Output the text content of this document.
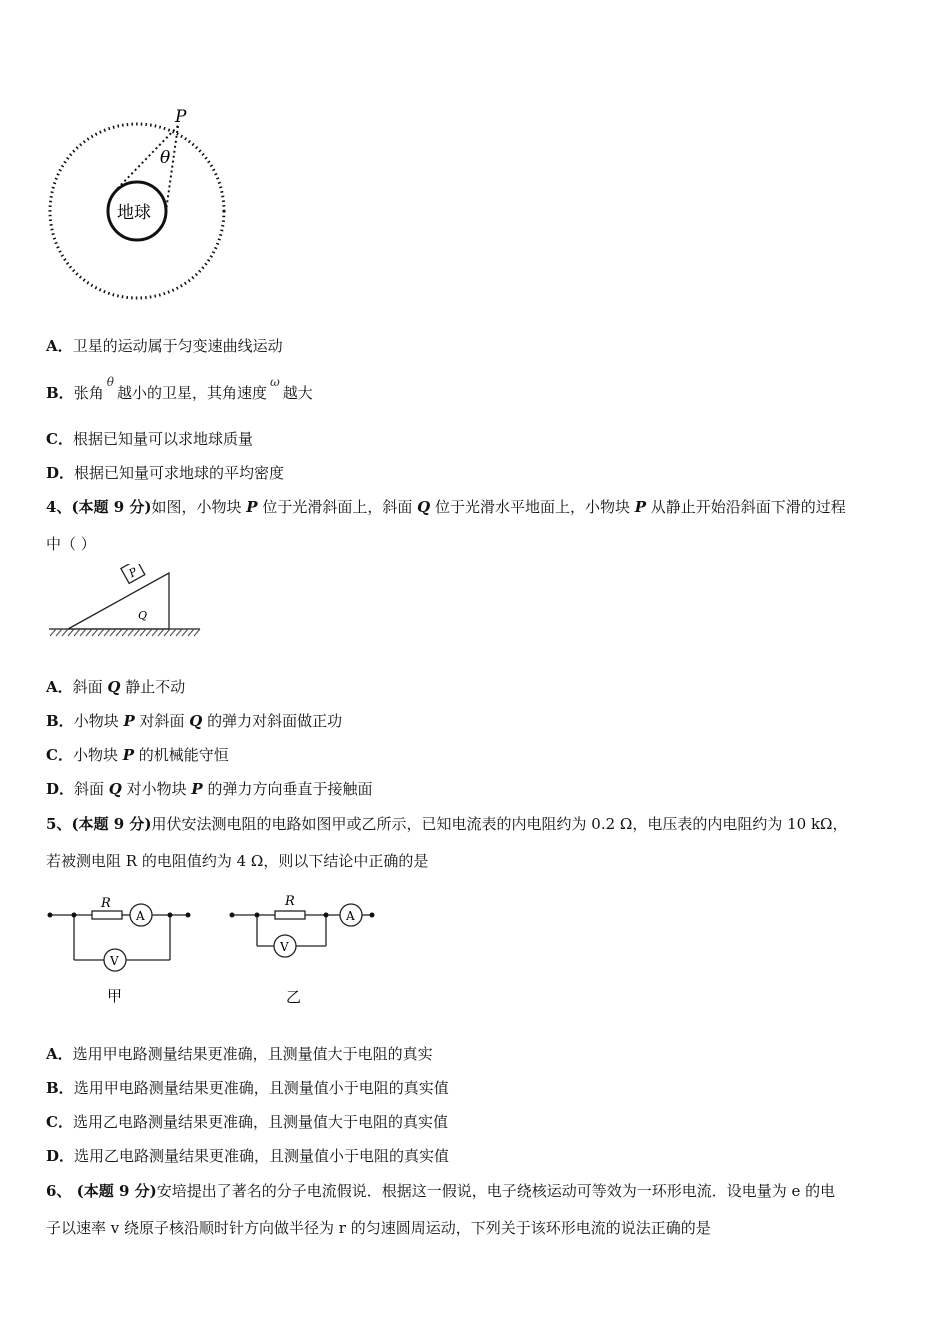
P
θ
地球
A．卫星的运动属于匀变速曲线运动
B．张角$^\theta$越小的卫星，其角速度$^\omega$越大
C．根据已知量可以求地球质量
D．根据已知量可求地球的平均密度
4、(本题 9 分)如图，小物块 P 位于光滑斜面上，斜面 Q 位于光滑水平地面上，小物块 P 从静止开始沿斜面下滑的过程
中（ ）
P
Q
A．斜面 Q 静止不动
B．小物块 P 对斜面 Q 的弹力对斜面做正功
C．小物块 P 的机械能守恒
D．斜面 Q 对小物块 P 的弹力方向垂直于接触面
5、(本题 9 分)用伏安法测电阻的电路如图甲或乙所示，已知电流表的内电阻约为 0.2 Ω，电压表的内电阻约为 10 kΩ，
若被测电阻 R 的电阻值约为 4 Ω，则以下结论中正确的是
R
A
V
甲
R
A
V
乙
A．选用甲电路测量结果更准确，且测量值大于电阻的真实
B．选用甲电路测量结果更准确，且测量值小于电阻的真实值
C．选用乙电路测量结果更准确，且测量值大于电阻的真实值
D．选用乙电路测量结果更准确，且测量值小于电阻的真实值
6、 (本题 9 分)安培提出了著名的分子电流假说．根据这一假说，电子绕核运动可等效为一环形电流．设电量为 e 的电
子以速率 v 绕原子核沿顺时针方向做半径为 r 的匀速圆周运动，下列关于该环形电流的说法正确的是
